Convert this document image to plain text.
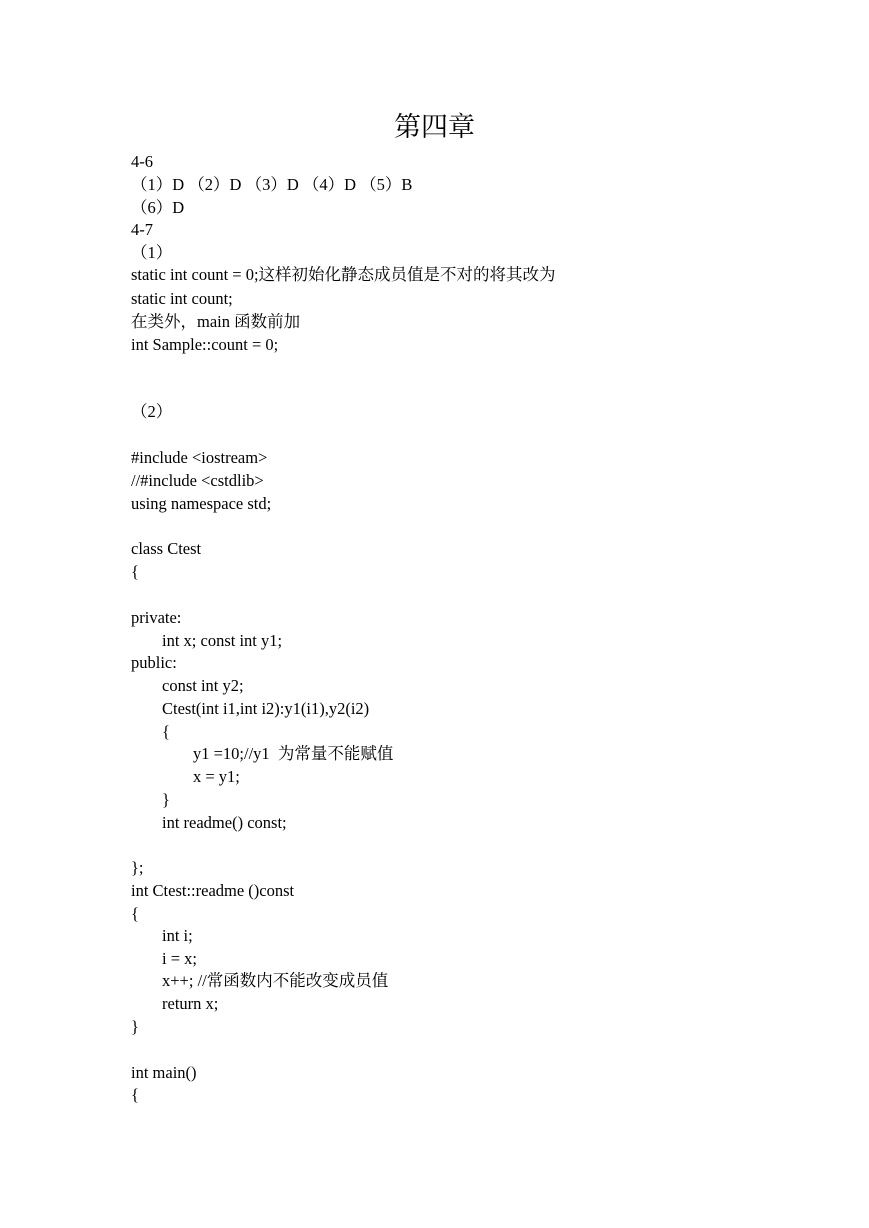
第四章
4-6
（1）D （2）D （3）D （4）D （5）B
（6）D
4-7
（1）
static int count = 0;这样初始化静态成员值是不对的将其改为
static int count;
在类外，main 函数前加
int Sample::count = 0;
（2）
#include <iostream>
//#include <cstdlib>
using namespace std;
class Ctest
{
private:
int x; const int y1;
public:
const int y2;
Ctest(int i1,int i2):y1(i1),y2(i2)
{
y1 =10;//y1  为常量不能赋值
x = y1;
}
int readme() const;
};
int Ctest::readme ()const
{
int i;
i = x;
x++; //常函数内不能改变成员值
return x;
}
int main()
{
